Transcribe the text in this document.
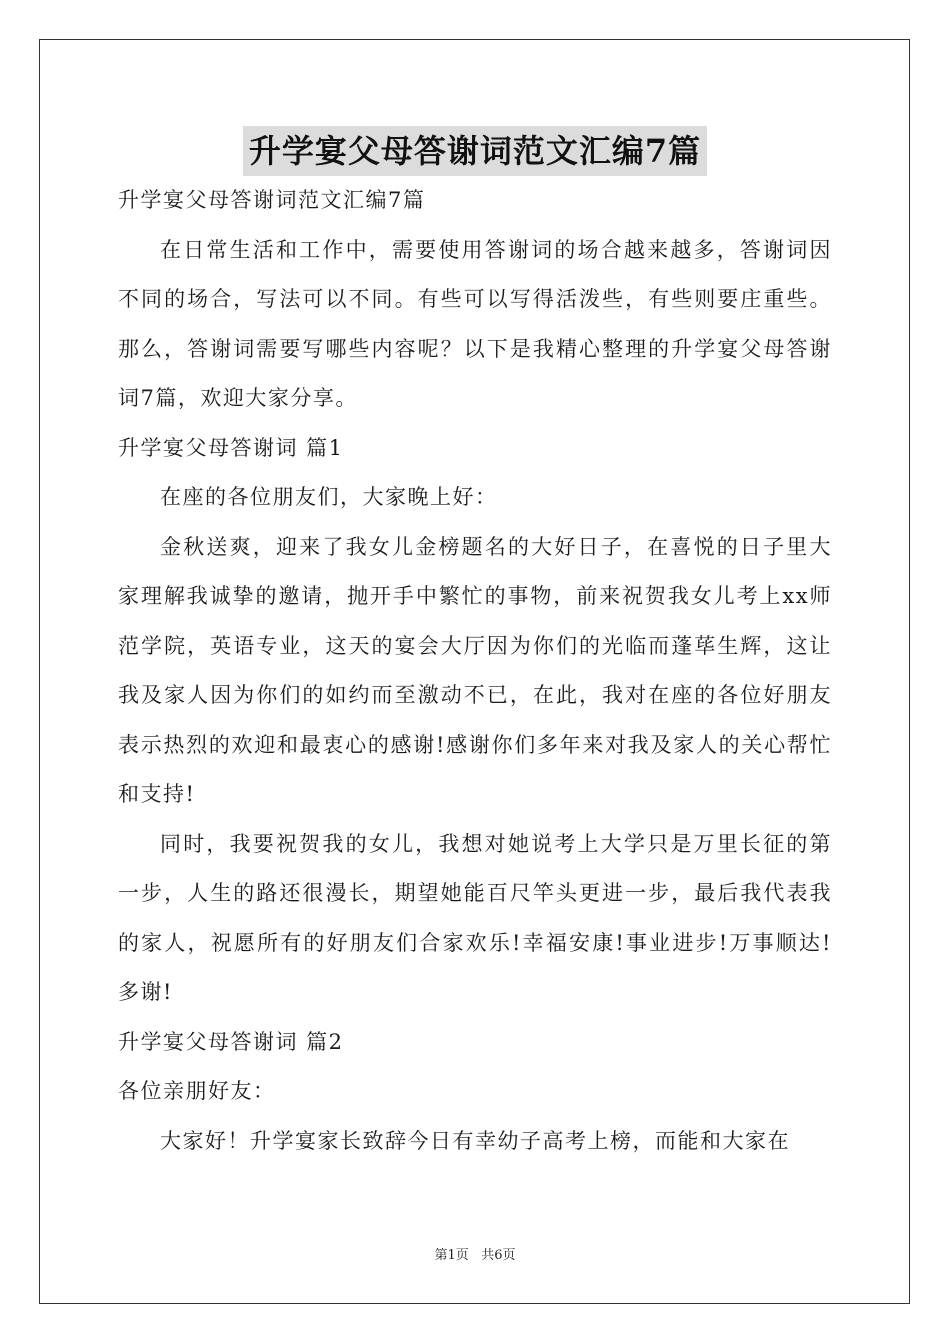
升学宴父母答谢词范文汇编7篇

升学宴父母答谢词范文汇编7篇

在日常生活和工作中，需要使用答谢词的场合越来越多，答谢词因不同的场合，写法可以不同。有些可以写得活泼些，有些则要庄重些。那么，答谢词需要写哪些内容呢？以下是我精心整理的升学宴父母答谢词7篇，欢迎大家分享。

升学宴父母答谢词 篇1

在座的各位朋友们，大家晚上好：

金秋送爽，迎来了我女儿金榜题名的大好日子，在喜悦的日子里大家理解我诚挚的邀请，抛开手中繁忙的事物，前来祝贺我女儿考上xx师范学院，英语专业，这天的宴会大厅因为你们的光临而蓬荜生辉，这让我及家人因为你们的如约而至激动不已，在此，我对在座的各位好朋友表示热烈的欢迎和最衷心的感谢!感谢你们多年来对我及家人的关心帮忙和支持!

同时，我要祝贺我的女儿，我想对她说考上大学只是万里长征的第一步，人生的路还很漫长，期望她能百尺竿头更进一步，最后我代表我的家人，祝愿所有的好朋友们合家欢乐!幸福安康!事业进步!万事顺达!多谢!

升学宴父母答谢词 篇2

各位亲朋好友：

大家好！升学宴家长致辞今日有幸幼子高考上榜，而能和大家在

第1页 共6页
